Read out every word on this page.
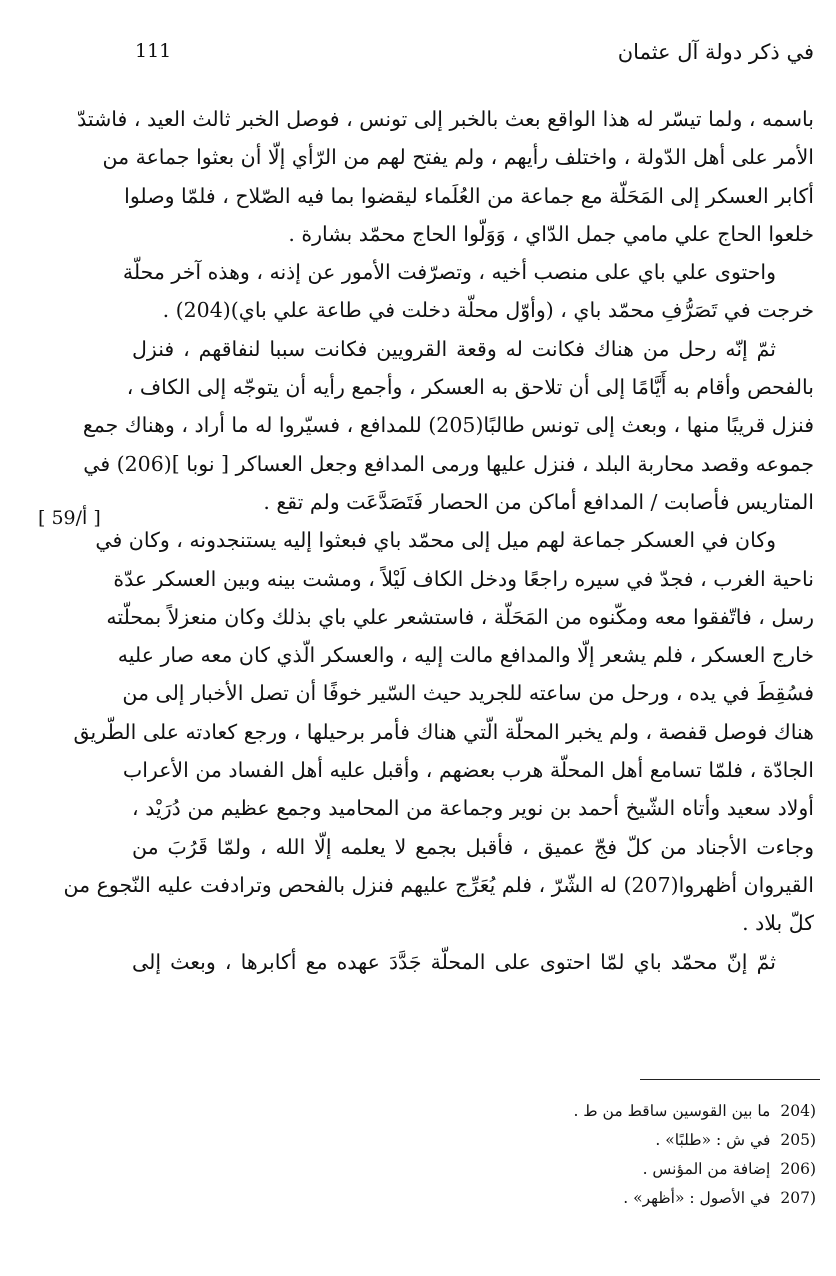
في ذكر دولة آل عثمان
111
باسمه ، ولما تيسّر له هذا الواقع بعث بالخبر إلى تونس ، فوصل الخبر ثالث العيد ، فاشتدّ
الأمر على أهل الدّولة ، واختلف رأيهم ، ولم يفتح لهم من الرّأي إلّا أن بعثوا جماعة من
أكابر العسكر إلى المَحَلّة مع جماعة من العُلَماء ليقضوا بما فيه الصّلاح ، فلمّا وصلوا
خلعوا الحاج علي مامي جمل الدّاي ، وَوَلّوا الحاج محمّد بشارة .
واحتوى علي باي على منصب أخيه ، وتصرّفت الأمور عن إذنه ، وهذه آخر محلّة
خرجت في تَصَرُّفِ محمّد باي ، (وأوّل محلّة دخلت في طاعة علي باي)(204) .
ثمّ إنّه رحل من هناك فكانت له وقعة القرويين فكانت سببا لنفاقهم ، فنزل
بالفحص وأقام به أَيَّامًا إلى أن تلاحق به العسكر ، وأجمع رأيه أن يتوجّه إلى الكاف ،
فنزل قريبًا منها ، وبعث إلى تونس طالبًا(205) للمدافع ، فسيّروا له ما أراد ، وهناك جمع
جموعه وقصد محاربة البلد ، فنزل عليها ورمى المدافع وجعل العساكر [ نوبا ](206) في
المتاريس فأصابت / المدافع أماكن من الحصار فَتَصَدَّعَت ولم تقع .
وكان في العسكر جماعة لهم ميل إلى محمّد باي فبعثوا إليه يستنجدونه ، وكان في
ناحية الغرب ، فجدّ في سيره راجعًا ودخل الكاف لَيْلاً ، ومشت بينه وبين العسكر عدّة
رسل ، فاتّفقوا معه ومكّنوه من المَحَلّة ، فاستشعر علي باي بذلك وكان منعزلاً بمحلّته
خارج العسكر ، فلم يشعر إلّا والمدافع مالت إليه ، والعسكر الّذي كان معه صار عليه
فسُقِطَ في يده ، ورحل من ساعته للجريد حيث السّير خوفًا أن تصل الأخبار إلى من
هناك فوصل قفصة ، ولم يخبر المحلّة الّتي هناك فأمر برحيلها ، ورجع كعادته على الطّريق
الجادّة ، فلمّا تسامع أهل المحلّة هرب بعضهم ، وأقبل عليه أهل الفساد من الأعراب
أولاد سعيد وأتاه الشّيخ أحمد بن نوير وجماعة من المحاميد وجمع عظيم من دُرَيْد ،
وجاءت الأجناد من كلّ فجّ عميق ، فأقبل بجمع لا يعلمه إلّا الله ، ولمّا قَرُبَ من
القيروان أظهروا(207) له الشّرّ ، فلم يُعَرِّج عليهم فنزل بالفحص وترادفت عليه النّجوع من
كلّ بلاد .
ثمّ إنّ محمّد باي لمّا احتوى على المحلّة جَدَّدَ عهده مع أكابرها ، وبعث إلى
[ 59/أ ]
204)ما بين القوسين ساقط من ط .
205)في ش : «طلبًا» .
206)إضافة من المؤنس .
207)في الأصول : «أظهر» .
